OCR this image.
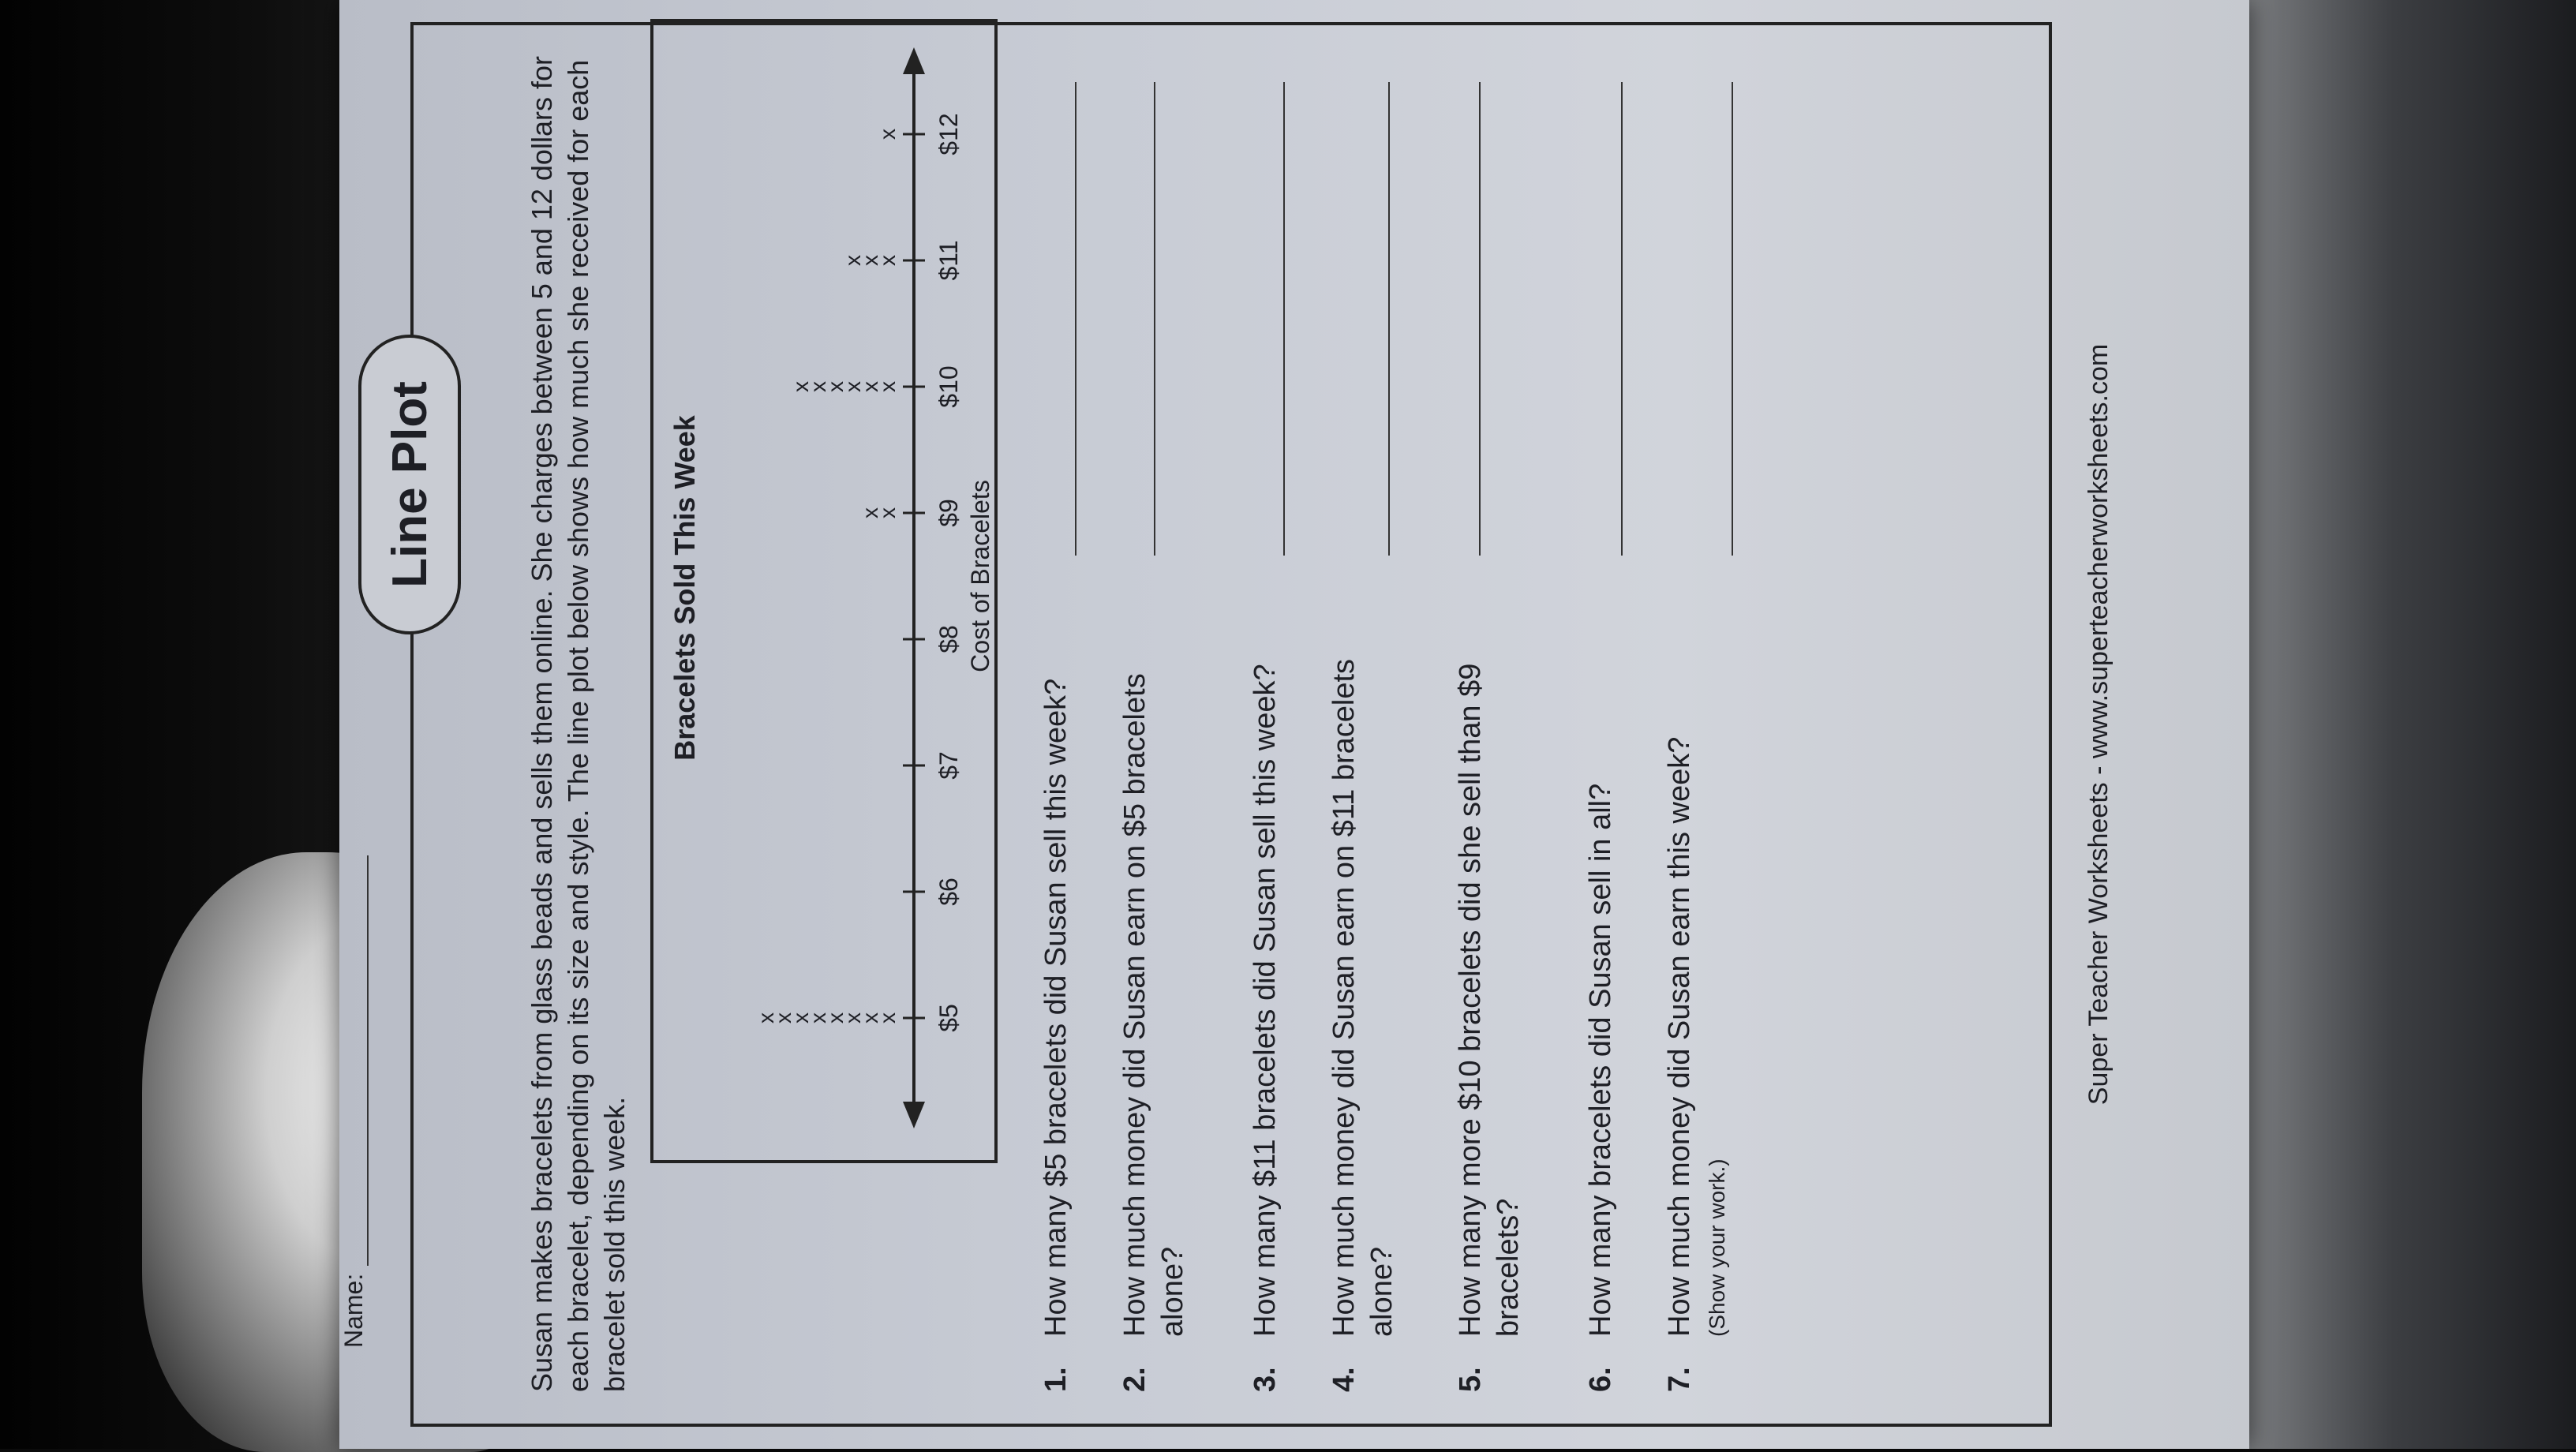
Name:
Line Plot	Susan makes bracelets from glass beads and sells them online. She charges between 5 and 12 dollars for each bracelet, depending on its size and style. The line plot below shows how much she received for each bracelet sold this week.
Bracelets Sold This Week
$5
x
x
x
x
x
x
x
x
$6
$7
$8
$9
x
x
$10
x
x
x
x
x
x
$11
x
x
x
$12
x
Cost of Bracelets
1.
How many $5 bracelets did Susan sell this week?
2.
How much money did Susan earn on $5 bracelets alone?
3.
How many $11 bracelets did Susan sell this week?
4.
How much money did Susan earn on $11 bracelets alone?
5.
How many more $10 bracelets did she sell than $9 bracelets?
6.
How many bracelets did Susan sell in all?
7.
How much money did Susan earn this week? (Show your work.)
Super Teacher Worksheets - www.superteacherworksheets.com
